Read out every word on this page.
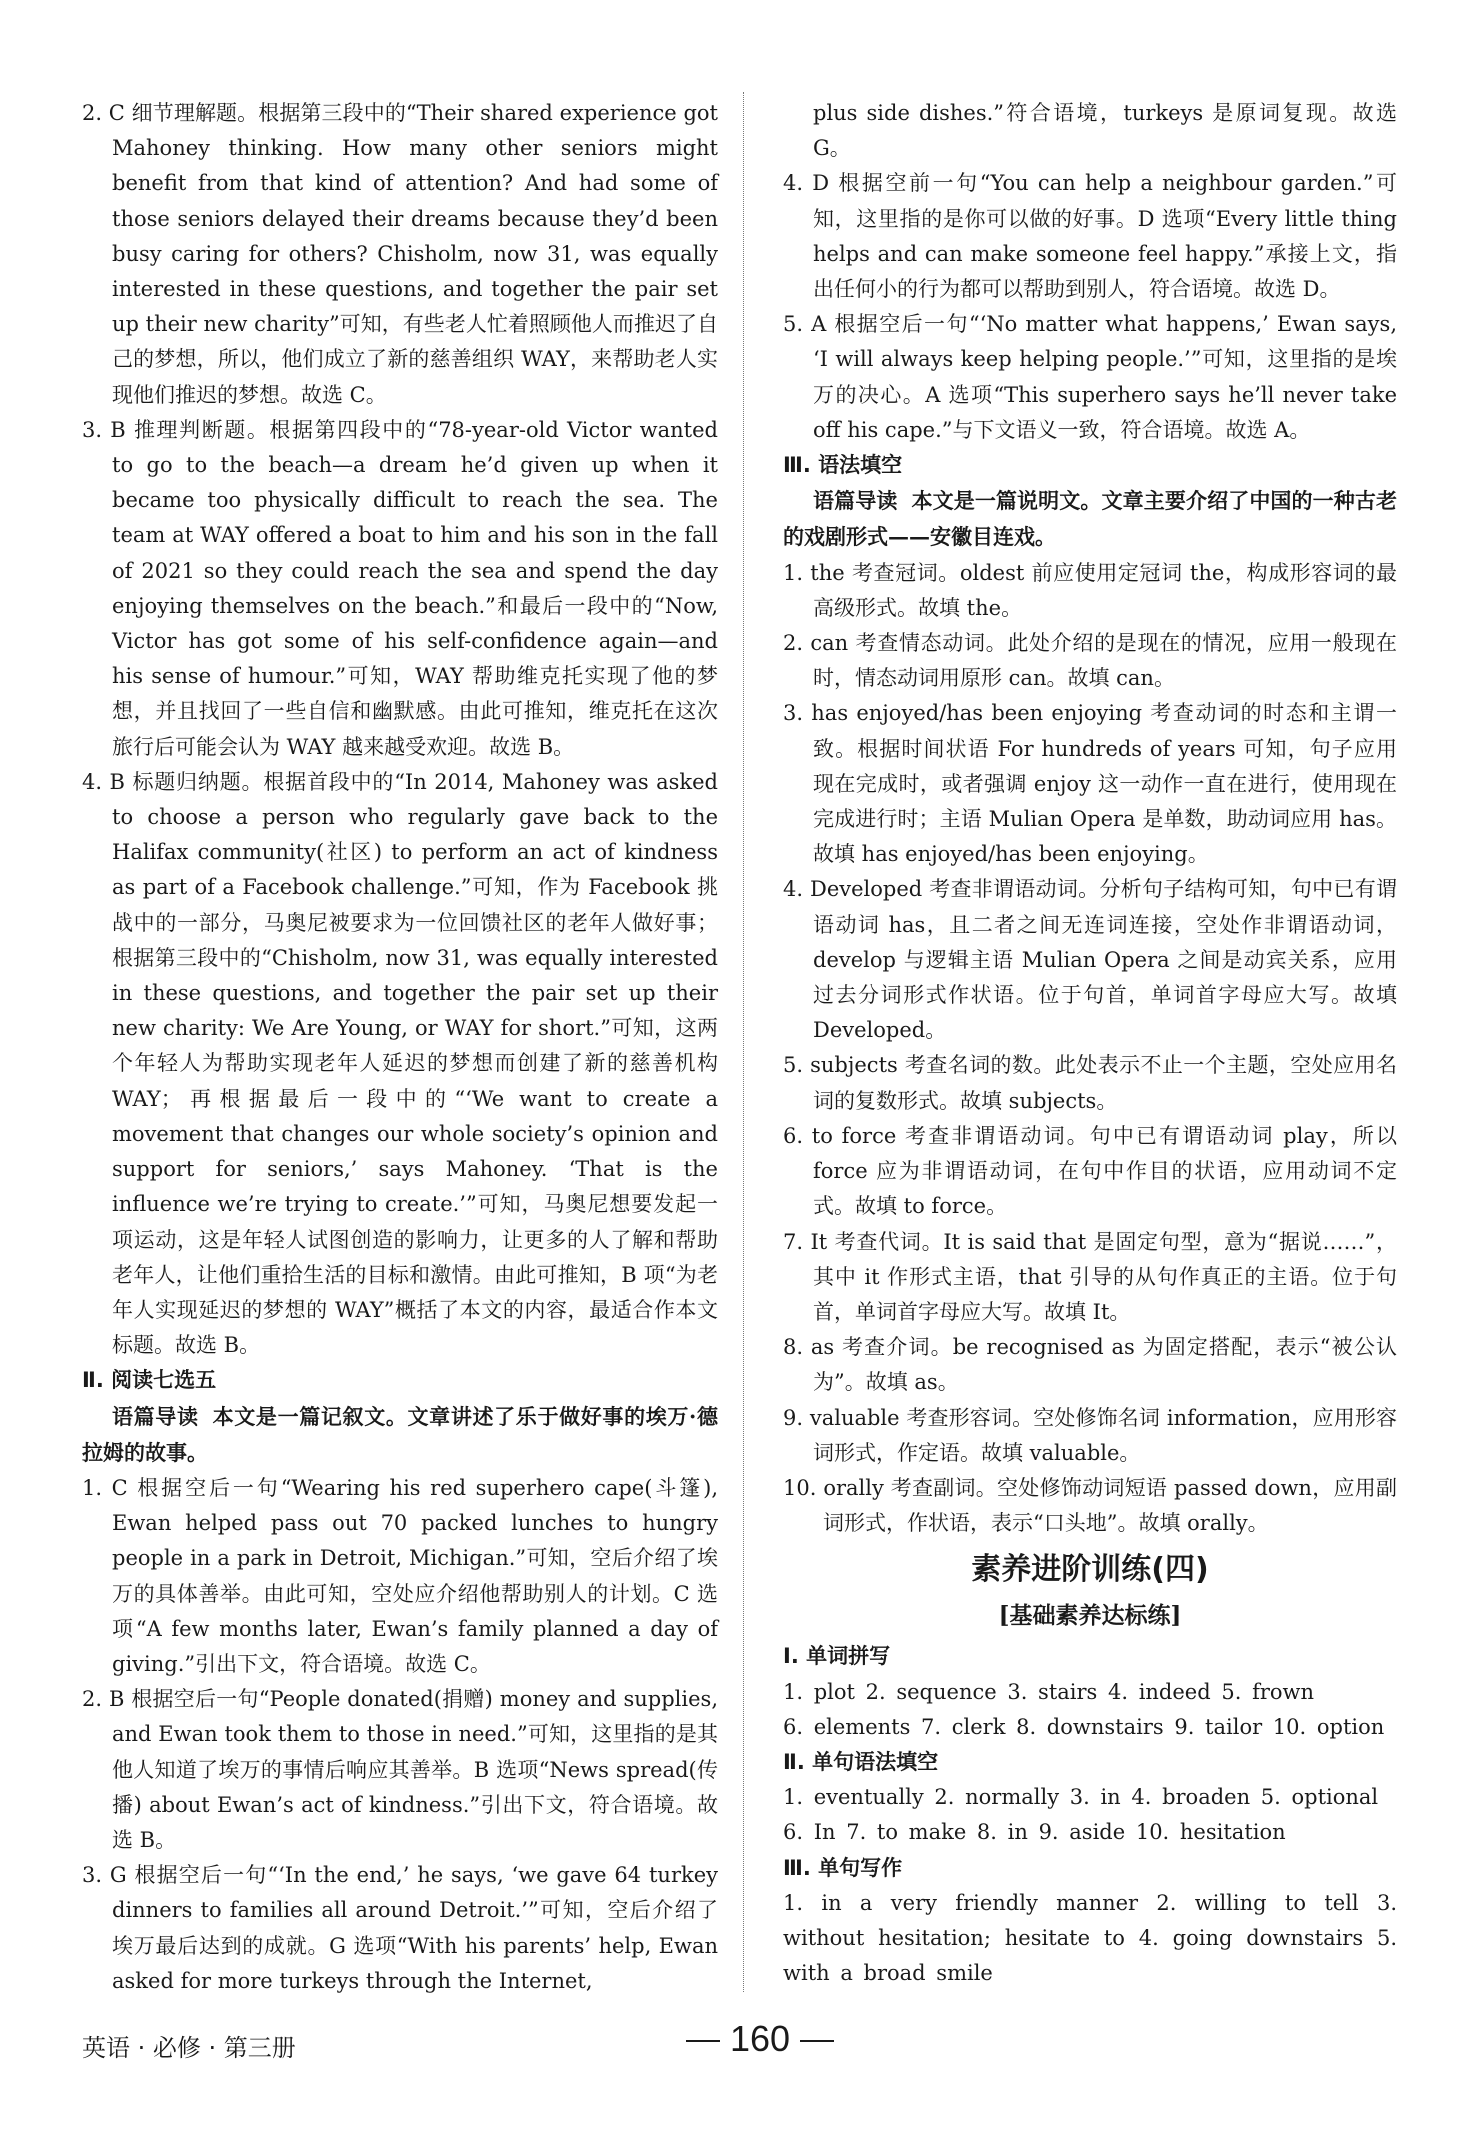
2. C 细节理解题。根据第三段中的“Their shared experience got Mahoney thinking. How many other seniors might benefit from that kind of attention? And had some of those seniors delayed their dreams because they’d been busy caring for others? Chisholm, now 31, was equally interested in these questions, and together the pair set up their new charity”可知，有些老人忙着照顾他人而推迟了自己的梦想，所以，他们成立了新的慈善组织 WAY，来帮助老人实现他们推迟的梦想。故选 C。

3. B 推理判断题。根据第四段中的“78-year-old Victor wanted to go to the beach—a dream he’d given up when it became too physically difficult to reach the sea. The team at WAY offered a boat to him and his son in the fall of 2021 so they could reach the sea and spend the day enjoying themselves on the beach.”和最后一段中的“Now, Victor has got some of his self-confidence again—and his sense of humour.”可知，WAY 帮助维克托实现了他的梦想，并且找回了一些自信和幽默感。由此可推知，维克托在这次旅行后可能会认为 WAY 越来越受欢迎。故选 B。

4. B 标题归纳题。根据首段中的“In 2014, Mahoney was asked to choose a person who regularly gave back to the Halifax community(社区) to perform an act of kindness as part of a Facebook challenge.”可知，作为 Facebook 挑战中的一部分，马奥尼被要求为一位回馈社区的老年人做好事；根据第三段中的“Chisholm, now 31, was equally interested in these questions, and together the pair set up their new charity: We Are Young, or WAY for short.”可知，这两个年轻人为帮助实现老年人延迟的梦想而创建了新的慈善机构 WAY；再根据最后一段中的“‘We want to create a movement that changes our whole society’s opinion and support for seniors,’ says Mahoney. ‘That is the influence we’re trying to create.’”可知，马奥尼想要发起一项运动，这是年轻人试图创造的影响力，让更多的人了解和帮助老年人，让他们重拾生活的目标和激情。由此可推知，B 项“为老年人实现延迟的梦想的 WAY”概括了本文的内容，最适合作本文标题。故选 B。

Ⅱ. 阅读七选五

语篇导读 本文是一篇记叙文。文章讲述了乐于做好事的埃万·德拉姆的故事。

1. C 根据空后一句“Wearing his red superhero cape(斗篷), Ewan helped pass out 70 packed lunches to hungry people in a park in Detroit, Michigan.”可知，空后介绍了埃万的具体善举。由此可知，空处应介绍他帮助别人的计划。C 选项“A few months later, Ewan’s family planned a day of giving.”引出下文，符合语境。故选 C。

2. B 根据空后一句“People donated(捐赠) money and supplies, and Ewan took them to those in need.”可知，这里指的是其他人知道了埃万的事情后响应其善举。B 选项“News spread(传播) about Ewan’s act of kindness.”引出下文，符合语境。故选 B。

3. G 根据空后一句“‘In the end,’ he says, ‘we gave 64 turkey dinners to families all around Detroit.’”可知，空后介绍了埃万最后达到的成就。G 选项“With his parents’ help, Ewan asked for more turkeys through the Internet,

plus side dishes.”符合语境，turkeys 是原词复现。故选 G。

4. D 根据空前一句“You can help a neighbour garden.”可知，这里指的是你可以做的好事。D 选项“Every little thing helps and can make someone feel happy.”承接上文，指出任何小的行为都可以帮助到别人，符合语境。故选 D。

5. A 根据空后一句“‘No matter what happens,’ Ewan says, ‘I will always keep helping people.’”可知，这里指的是埃万的决心。A 选项“This superhero says he’ll never take off his cape.”与下文语义一致，符合语境。故选 A。

Ⅲ. 语法填空

语篇导读 本文是一篇说明文。文章主要介绍了中国的一种古老的戏剧形式——安徽目连戏。

1. the 考查冠词。oldest 前应使用定冠词 the，构成形容词的最高级形式。故填 the。

2. can 考查情态动词。此处介绍的是现在的情况，应用一般现在时，情态动词用原形 can。故填 can。

3. has enjoyed/has been enjoying 考查动词的时态和主谓一致。根据时间状语 For hundreds of years 可知，句子应用现在完成时，或者强调 enjoy 这一动作一直在进行，使用现在完成进行时；主语 Mulian Opera 是单数，助动词应用 has。故填 has enjoyed/has been enjoying。

4. Developed 考查非谓语动词。分析句子结构可知，句中已有谓语动词 has，且二者之间无连词连接，空处作非谓语动词，develop 与逻辑主语 Mulian Opera 之间是动宾关系，应用过去分词形式作状语。位于句首，单词首字母应大写。故填 Developed。

5. subjects 考查名词的数。此处表示不止一个主题，空处应用名词的复数形式。故填 subjects。

6. to force 考查非谓语动词。句中已有谓语动词 play，所以 force 应为非谓语动词，在句中作目的状语，应用动词不定式。故填 to force。

7. It 考查代词。It is said that 是固定句型，意为“据说……”，其中 it 作形式主语，that 引导的从句作真正的主语。位于句首，单词首字母应大写。故填 It。

8. as 考查介词。be recognised as 为固定搭配，表示“被公认为”。故填 as。

9. valuable 考查形容词。空处修饰名词 information，应用形容词形式，作定语。故填 valuable。

10. orally 考查副词。空处修饰动词短语 passed down，应用副词形式，作状语，表示“口头地”。故填 orally。

素养进阶训练(四)
[基础素养达标练]

Ⅰ. 单词拼写

1. plot 2. sequence 3. stairs 4. indeed 5. frown

6. elements 7. clerk 8. downstairs 9. tailor 10. option

Ⅱ. 单句语法填空

1. eventually 2. normally 3. in 4. broaden 5. optional

6. In 7. to make 8. in 9. aside 10. hesitation

Ⅲ. 单句写作

1. in a very friendly manner 2. willing to tell 3. without hesitation; hesitate to 4. going downstairs 5. with a broad smile

英语 · 必修 · 第三册	160
